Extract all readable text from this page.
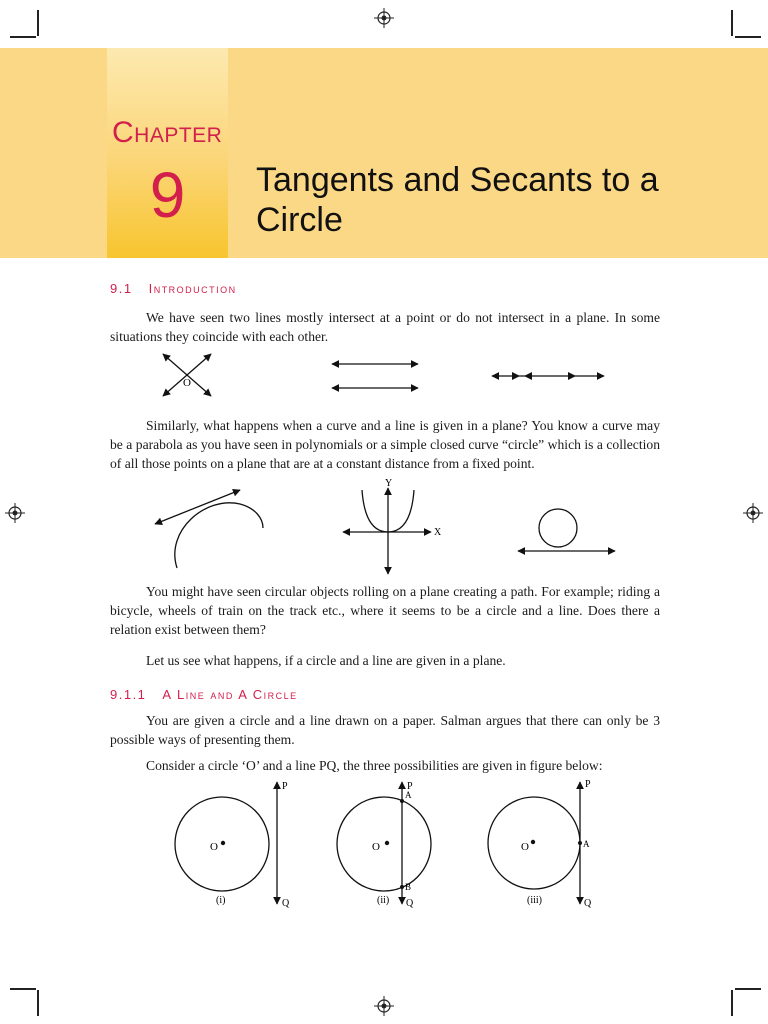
Chapter
9	Tangents and Secants to a Circle
9.1 Introduction
We have seen two lines mostly intersect at a point or do not intersect in a plane. In some situations they coincide with each other.
O
Similarly, what happens when a curve and a line is given in a plane? You know a curve may be a parabola as you have seen in polynomials or a simple closed curve “circle” which is a collection of all those points on a plane that are at a constant distance from a fixed point.
Y
X
You might have seen circular objects rolling on a plane creating a path. For example; riding a bicycle, wheels of train on the track etc., where it seems to be a circle and a line. Does there a relation exist between them?
Let us see what happens, if a circle and a line are given in a plane.
9.1.1 A Line and A Circle
You are given a circle and a line drawn on a paper. Salman argues that there can only be 3 possible ways of presenting them.
Consider a circle ‘O’ and a line PQ, the three possibilities are given in figure below:
O
P
Q
(i)
O
P
A
B
Q
(ii)
O
P
A
Q
(iii)
